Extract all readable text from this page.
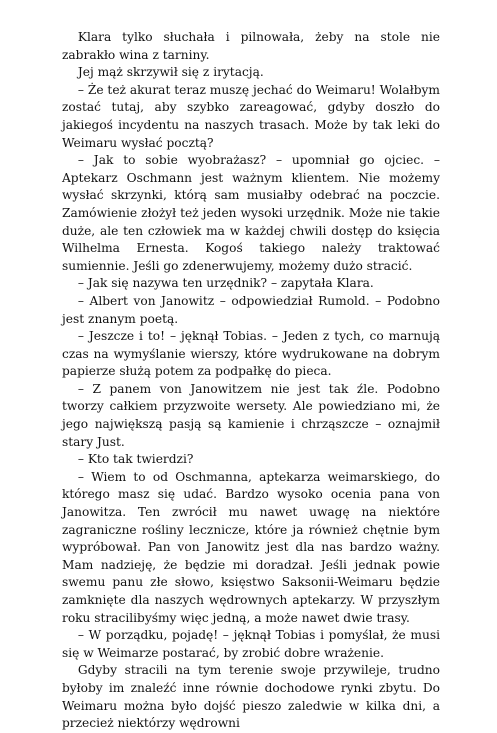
Klara tylko słuchała i pilnowała, żeby na stole nie zabrakło wina z tarniny.

Jej mąż skrzywił się z irytacją.

– Że też akurat teraz muszę jechać do Weimaru! Wolałbym zostać tutaj, aby szybko zareagować, gdyby doszło do jakiegoś incydentu na naszych trasach. Może by tak leki do Weimaru wysłać pocztą?

– Jak to sobie wyobrażasz? – upomniał go ojciec. – Aptekarz Oschmann jest ważnym klientem. Nie możemy wysłać skrzynki, którą sam musiałby odebrać na poczcie. Zamówienie złożył też jeden wysoki urzędnik. Może nie takie duże, ale ten człowiek ma w każdej chwili dostęp do księcia Wilhelma Ernesta. Kogoś takiego należy traktować sumiennie. Jeśli go zdenerwujemy, możemy dużo stracić.

– Jak się nazywa ten urzędnik? – zapytała Klara.

– Albert von Janowitz – odpowiedział Rumold. – Podobno jest znanym poetą.

– Jeszcze i to! – jęknął Tobias. – Jeden z tych, co marnują czas na wymyślanie wierszy, które wydrukowane na dobrym papierze służą potem za podpałkę do pieca.

– Z panem von Janowitzem nie jest tak źle. Podobno tworzy całkiem przyzwoite wersety. Ale powiedziano mi, że jego największą pasją są kamienie i chrząszcze – oznajmił stary Just.

– Kto tak twierdzi?

– Wiem to od Oschmanna, aptekarza weimarskiego, do którego masz się udać. Bardzo wysoko ocenia pana von Janowitza. Ten zwrócił mu nawet uwagę na niektóre zagraniczne rośliny lecznicze, które ja również chętnie bym wypróbował. Pan von Janowitz jest dla nas bardzo ważny. Mam nadzieję, że będzie mi doradzał. Jeśli jednak powie swemu panu złe słowo, księstwo Saksonii-Weimaru będzie zamknięte dla naszych wędrownych aptekarzy. W przyszłym roku stracilibyśmy więc jedną, a może nawet dwie trasy.

– W porządku, pojadę! – jęknął Tobias i pomyślał, że musi się w Weimarze postarać, by zrobić dobre wrażenie.

Gdyby stracili na tym terenie swoje przywileje, trudno byłoby im znaleźć inne równie dochodowe rynki zbytu. Do Weimaru można było dojść pieszo zaledwie w kilka dni, a przecież niektórzy wędrowni
